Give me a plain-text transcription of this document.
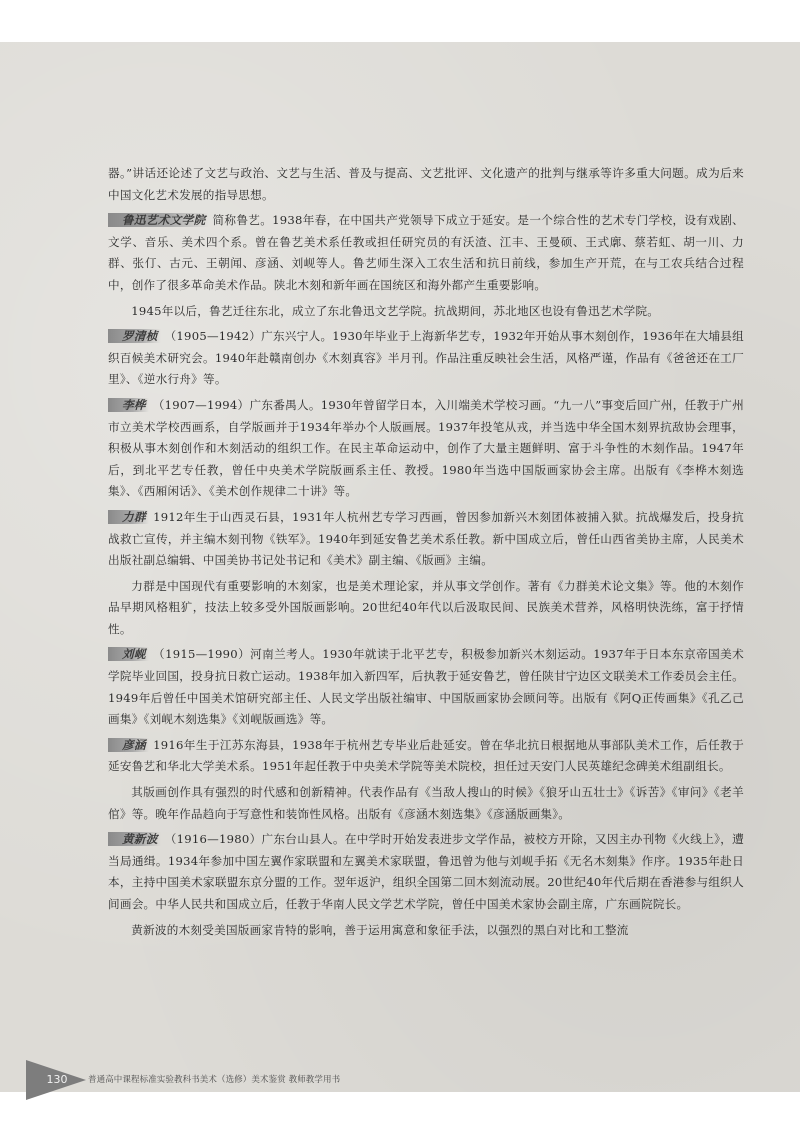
器。”讲话还论述了文艺与政治、文艺与生活、普及与提高、文艺批评、文化遗产的批判与继承等许多重大问题。成为后来中国文化艺术发展的指导思想。

鲁迅艺术文学院 简称鲁艺。1938年春，在中国共产党领导下成立于延安。是一个综合性的艺术专门学校，设有戏剧、文学、音乐、美术四个系。曾在鲁艺美术系任教或担任研究员的有沃渣、江丰、王曼硕、王式廓、蔡若虹、胡一川、力群、张仃、古元、王朝闻、彦涵、刘岘等人。鲁艺师生深入工农生活和抗日前线，参加生产开荒，在与工农兵结合过程中，创作了很多革命美术作品。陕北木刻和新年画在国统区和海外都产生重要影响。

1945年以后，鲁艺迁往东北，成立了东北鲁迅文艺学院。抗战期间，苏北地区也设有鲁迅艺术学院。

罗清桢 （1905—1942）广东兴宁人。1930年毕业于上海新华艺专，1932年开始从事木刻创作，1936年在大埔县组织百候美术研究会。1940年赴赣南创办《木刻真容》半月刊。作品注重反映社会生活，风格严谨，作品有《爸爸还在工厂里》、《逆水行舟》等。

李桦 （1907—1994）广东番禺人。1930年曾留学日本，入川端美术学校习画。“九一八”事变后回广州，任教于广州市立美术学校西画系，自学版画并于1934年举办个人版画展。1937年投笔从戎，并当选中华全国木刻界抗敌协会理事，积极从事木刻创作和木刻活动的组织工作。在民主革命运动中，创作了大量主题鲜明、富于斗争性的木刻作品。1947年后，到北平艺专任教，曾任中央美术学院版画系主任、教授。1980年当选中国版画家协会主席。出版有《李桦木刻选集》、《西厢闲话》、《美术创作规律二十讲》等。

力群 1912年生于山西灵石县，1931年人杭州艺专学习西画，曾因参加新兴木刻团体被捕入狱。抗战爆发后，投身抗战救亡宣传，并主编木刻刊物《铁军》。1940年到延安鲁艺美术系任教。新中国成立后，曾任山西省美协主席，人民美术出版社副总编辑、中国美协书记处书记和《美术》副主编、《版画》主编。

力群是中国现代有重要影响的木刻家，也是美术理论家，并从事文学创作。著有《力群美术论文集》等。他的木刻作品早期风格粗犷，技法上较多受外国版画影响。20世纪40年代以后汲取民间、民族美术营养，风格明快洗练，富于抒情性。

刘岘 （1915—1990）河南兰考人。1930年就读于北平艺专，积极参加新兴木刻运动。1937年于日本东京帝国美术学院毕业回国，投身抗日救亡运动。1938年加入新四军，后执教于延安鲁艺，曾任陕甘宁边区文联美术工作委员会主任。1949年后曾任中国美术馆研究部主任、人民文学出版社编审、中国版画家协会顾问等。出版有《阿Q正传画集》《孔乙己画集》《刘岘木刻选集》《刘岘版画选》等。

彦涵 1916年生于江苏东海县，1938年于杭州艺专毕业后赴延安。曾在华北抗日根据地从事部队美术工作，后任教于延安鲁艺和华北大学美术系。1951年起任教于中央美术学院等美术院校，担任过天安门人民英雄纪念碑美术组副组长。

其版画创作具有强烈的时代感和创新精神。代表作品有《当敌人搜山的时候》《狼牙山五壮士》《诉苦》《审问》《老羊倌》等。晚年作品趋向于写意性和装饰性风格。出版有《彦涵木刻选集》《彦涵版画集》。

黄新波 （1916—1980）广东台山县人。在中学时开始发表进步文学作品，被校方开除，又因主办刊物《火线上》，遭当局通缉。1934年参加中国左翼作家联盟和左翼美术家联盟，鲁迅曾为他与刘岘手拓《无名木刻集》作序。1935年赴日本，主持中国美术家联盟东京分盟的工作。翌年返沪，组织全国第二回木刻流动展。20世纪40年代后期在香港参与组织人间画会。中华人民共和国成立后，任教于华南人民文学艺术学院，曾任中国美术家协会副主席，广东画院院长。

黄新波的木刻受美国版画家肯特的影响，善于运用寓意和象征手法，以强烈的黑白对比和工整流

130	普通高中课程标准实验教科书美术（选修）美术鉴赏 教师教学用书
